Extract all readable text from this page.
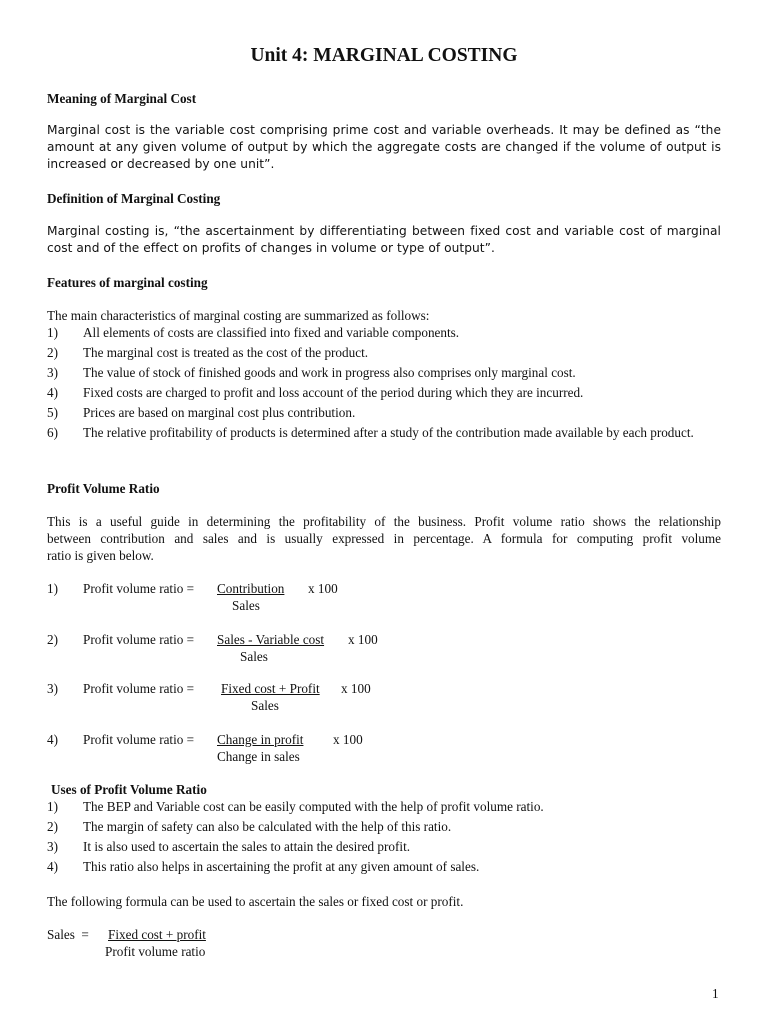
Unit 4: MARGINAL COSTING
Meaning of Marginal Cost
Marginal cost is the variable cost comprising prime cost and variable overheads. It may be defined as “the
amount at any given volume of output by which the aggregate costs are changed if the volume of output is
increased or decreased by one unit”.
Definition of Marginal Costing
Marginal costing is, “the ascertainment by differentiating between fixed cost and variable cost of marginal
cost and of the effect on profits of changes in volume or type of output”.
Features of marginal costing
The main characteristics of marginal costing are summarized as follows:
1) All elements of costs are classified into fixed and variable components.
2) The marginal cost is treated as the cost of the product.
3) The value of stock of finished goods and work in progress also comprises only marginal cost.
4) Fixed costs are charged to profit and loss account of the period during which they are incurred.
5) Prices are based on marginal cost plus contribution.
6) The relative profitability of products is determined after a study of the contribution made available by each product.
Profit Volume Ratio
This is a useful guide in determining the profitability of the business. Profit volume ratio shows the relationship
between contribution and sales and is usually expressed in percentage. A formula for computing profit volume
ratio is given below.
1) Profit volume ratio = Contribution x 100
Sales
2) Profit volume ratio = Sales - Variable cost x 100
Sales
3) Profit volume ratio = Fixed cost + Profit x 100
Sales
4) Profit volume ratio = Change in profit x 100
Change in sales
Uses of Profit Volume Ratio
1) The BEP and Variable cost can be easily computed with the help of profit volume ratio.
2) The margin of safety can also be calculated with the help of this ratio.
3) It is also used to ascertain the sales to attain the desired profit.
4) This ratio also helps in ascertaining the profit at any given amount of sales.
The following formula can be used to ascertain the sales or fixed cost or profit.
Sales  = Fixed cost + profit
Profit volume ratio
1
